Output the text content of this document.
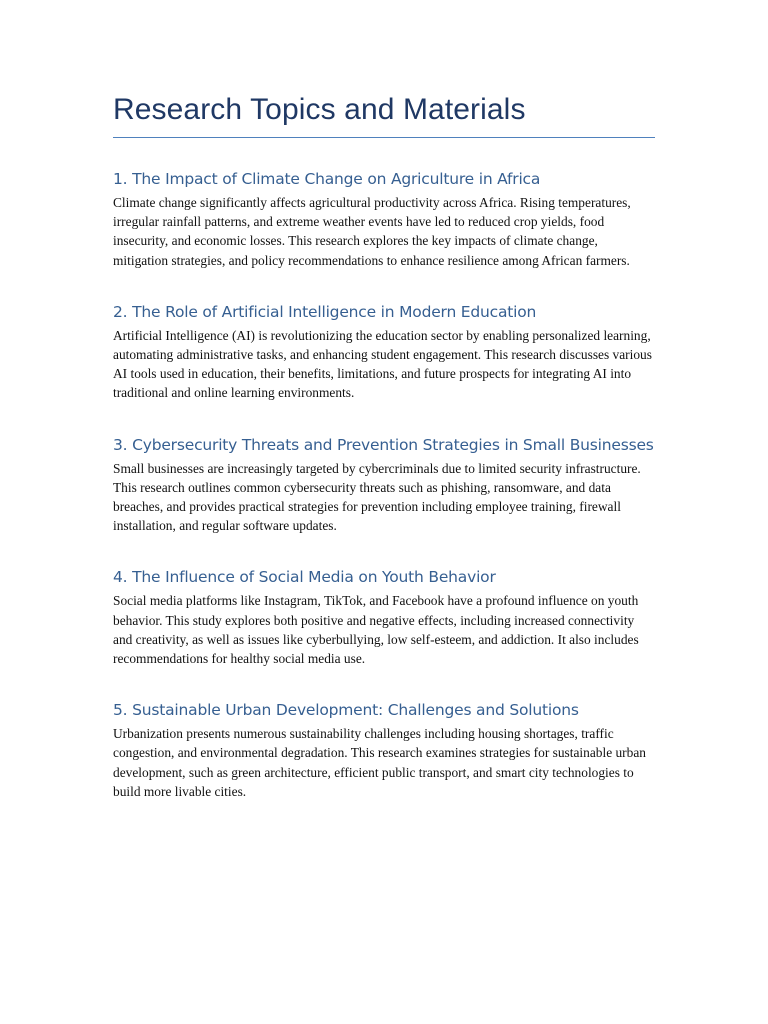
Research Topics and Materials
1. The Impact of Climate Change on Agriculture in Africa

Climate change significantly affects agricultural productivity across Africa. Rising temperatures, irregular rainfall patterns, and extreme weather events have led to reduced crop yields, food insecurity, and economic losses. This research explores the key impacts of climate change, mitigation strategies, and policy recommendations to enhance resilience among African farmers.

2. The Role of Artificial Intelligence in Modern Education

Artificial Intelligence (AI) is revolutionizing the education sector by enabling personalized learning, automating administrative tasks, and enhancing student engagement. This research discusses various AI tools used in education, their benefits, limitations, and future prospects for integrating AI into traditional and online learning environments.

3. Cybersecurity Threats and Prevention Strategies in Small Businesses

Small businesses are increasingly targeted by cybercriminals due to limited security infrastructure. This research outlines common cybersecurity threats such as phishing, ransomware, and data breaches, and provides practical strategies for prevention including employee training, firewall installation, and regular software updates.

4. The Influence of Social Media on Youth Behavior

Social media platforms like Instagram, TikTok, and Facebook have a profound influence on youth behavior. This study explores both positive and negative effects, including increased connectivity and creativity, as well as issues like cyberbullying, low self-esteem, and addiction. It also includes recommendations for healthy social media use.

5. Sustainable Urban Development: Challenges and Solutions

Urbanization presents numerous sustainability challenges including housing shortages, traffic congestion, and environmental degradation. This research examines strategies for sustainable urban development, such as green architecture, efficient public transport, and smart city technologies to build more livable cities.
